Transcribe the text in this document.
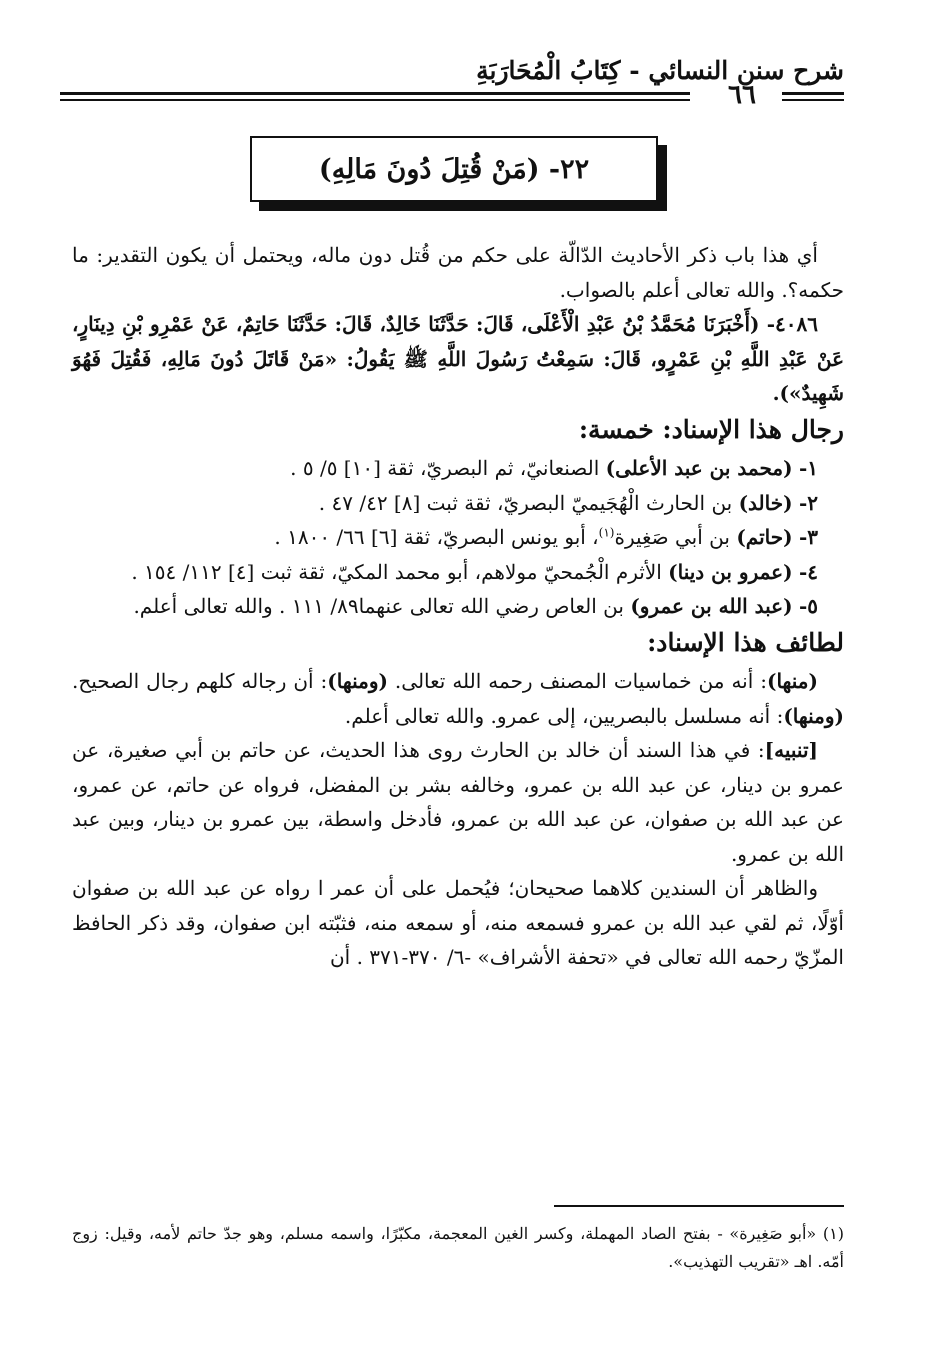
شرح سنن النسائي - كِتَابُ الْمُحَارَبَةِ
٦٦
٢٢- (مَنْ قُتِلَ دُونَ مَالِهِ)

أي هذا باب ذكر الأحاديث الدّالّة على حكم من قُتل دون ماله، ويحتمل أن يكون التقدير: ما حكمه؟. والله تعالى أعلم بالصواب.

٤٠٨٦- (أَخْبَرَنَا مُحَمَّدُ بْنُ عَبْدِ الْأَعْلَى، قَالَ: حَدَّثَنَا خَالِدٌ، قَالَ: حَدَّثَنَا حَاتِمٌ، عَنْ عَمْرِو بْنِ دِينَارٍ، عَنْ عَبْدِ اللَّهِ بْنِ عَمْرٍو، قَالَ: سَمِعْتُ رَسُولَ اللَّهِ ﷺ يَقُولُ: «مَنْ قَاتَلَ دُونَ مَالِهِ، فَقُتِلَ فَهُوَ شَهِيدٌ»).

رجال هذا الإسناد: خمسة:

١- (محمد بن عبد الأعلى) الصنعانيّ، ثم البصريّ، ثقة [١٠] ٥/ ٥ .

٢- (خالد) بن الحارث الْهُجَيميّ البصريّ، ثقة ثبت [٨] ٤٢/ ٤٧ .

٣- (حاتم) بن أبي صَغِيرة$^{(١)}$، أبو يونس البصريّ، ثقة [٦] ٦٦/ ١٨٠٠ .

٤- (عمرو بن دينا) الأثرم الْجُمحيّ مولاهم، أبو محمد المكيّ، ثقة ثبت [٤] ١١٢/ ١٥٤ .

٥- (عبد الله بن عمرو) بن العاص رضي الله تعالى عنهما٨٩/ ١١١ . والله تعالى أعلم.

لطائف هذا الإسناد:

(منها): أنه من خماسيات المصنف رحمه الله تعالى. (ومنها): أن رجاله كلهم رجال الصحيح. (ومنها): أنه مسلسل بالبصريين، إلى عمرو. والله تعالى أعلم.

[تنبيه]: في هذا السند أن خالد بن الحارث روى هذا الحديث، عن حاتم بن أبي صغيرة، عن عمرو بن دينار، عن عبد الله بن عمرو، وخالفه بشر بن المفضل، فرواه عن حاتم، عن عمرو، عن عبد الله بن صفوان، عن عبد الله بن عمرو، فأدخل واسطة، بين عمرو بن دينار، وبين عبد الله بن عمرو.

والظاهر أن السندين كلاهما صحيحان؛ فيُحمل على أن عمر ا رواه عن عبد الله بن صفوان أوّلًا، ثم لقي عبد الله بن عمرو فسمعه منه، أو سمعه منه، فثبّته ابن صفوان، وقد ذكر الحافظ المزّيّ رحمه الله تعالى في «تحفة الأشراف» -٦/ ٣٧٠-٣٧١ . أن

(١) «أبو صَغِيرة» - بفتح الصاد المهملة، وكسر الغين المعجمة، مكبّرًا، واسمه مسلم، وهو جدّ حاتم لأمه، وقيل: زوج أمّه. اهـ «تقريب التهذيب».
